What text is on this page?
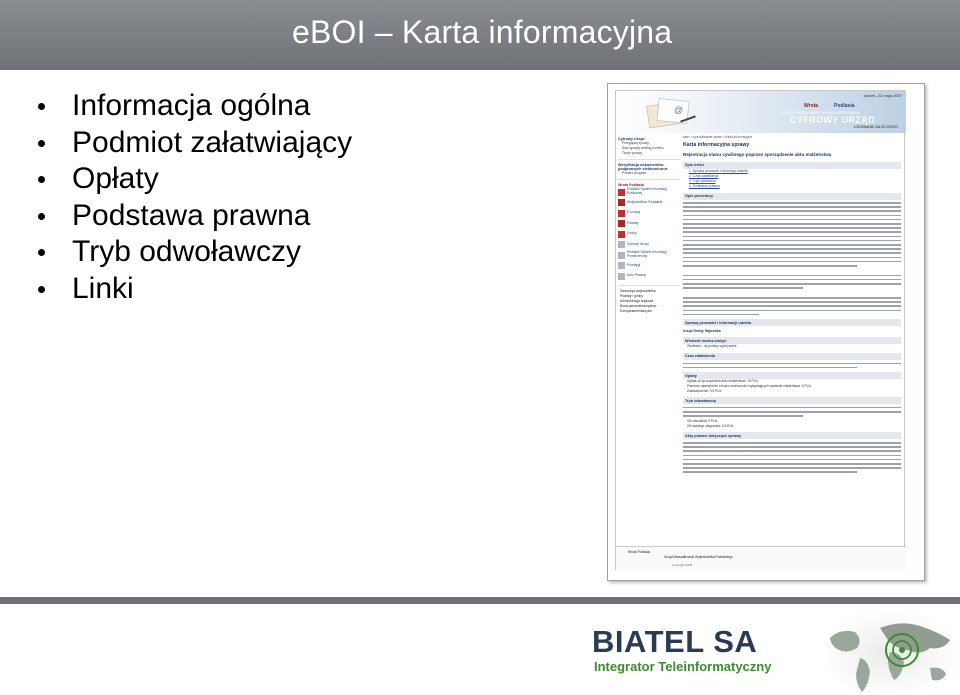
eBOI – Karta informacyjna
Informacja ogólna
Podmiot załatwiający
Opłaty
Podstawa prawna
Tryb odwoławczy
Linki
@
wtorek, 22 maja 2007
Wrota	Podlasia
ELEKTRONICZNE BIURO OBSŁUGI INTERESANTA
CYFROWY URZĄD
LOGOWANIE ZAŁÓŻ KONTO
Cyfrowy Urząd
Przeglądaj sprawy
Stan sprawy według numeru
Twoje sprawy
Weryfikacja dokumentów podpisanych elektronicznie
Pobierz program
Wrota Podlasia
Podlaski System Informacji Publicznej
Województwo Podlaskie
E-urzędy
Powiaty
Gminy
Cyfrowy Urząd
Podlaski System Informacji Przestrzennej
Przetargi
Auto Prawna
Samorząd województwa
Powiaty i gminy
Administracja rządowa
Biura parlamentarzystów
Europarlamentarzyści
start > wyszukiwanie spraw > Karta informacyjna
Karta informacyjna sprawy
Rejestracja stanu cywilnego poprzez sporządzenie aktu małżeństwa
Spis treści
1. Sprawę prowadzi i informacji udziela
2. Czas załatwienia
3. Tryb odwołania
4. Podstawa prawna
Opis procedury
Sprawę prowadzi i informacji udziela
Urząd Gminy Hajnówka
Wniosek można złożyć:
Osobiście - na podany wyżej adres
Czas załatwienia
Opłaty
Opłata od sporządzenia aktu małżeństwa: 75 PLN
Pisemne zapewnienie o braku okoliczności wyłączających zawarcie małżeństwa: 5 PLN
Zaświadczenie: 0,5 PLN
Tryb odwoławczy
Od odwołania: 5 PLN
Od każdego załącznika: 0,5 PLN
Akty prawne dotyczące sprawy
Wrota Podlasia:
Urząd Marszałkowski Województwa Podlaskiego
Copyright 2006
BIATEL SA
Integrator Teleinformatyczny
